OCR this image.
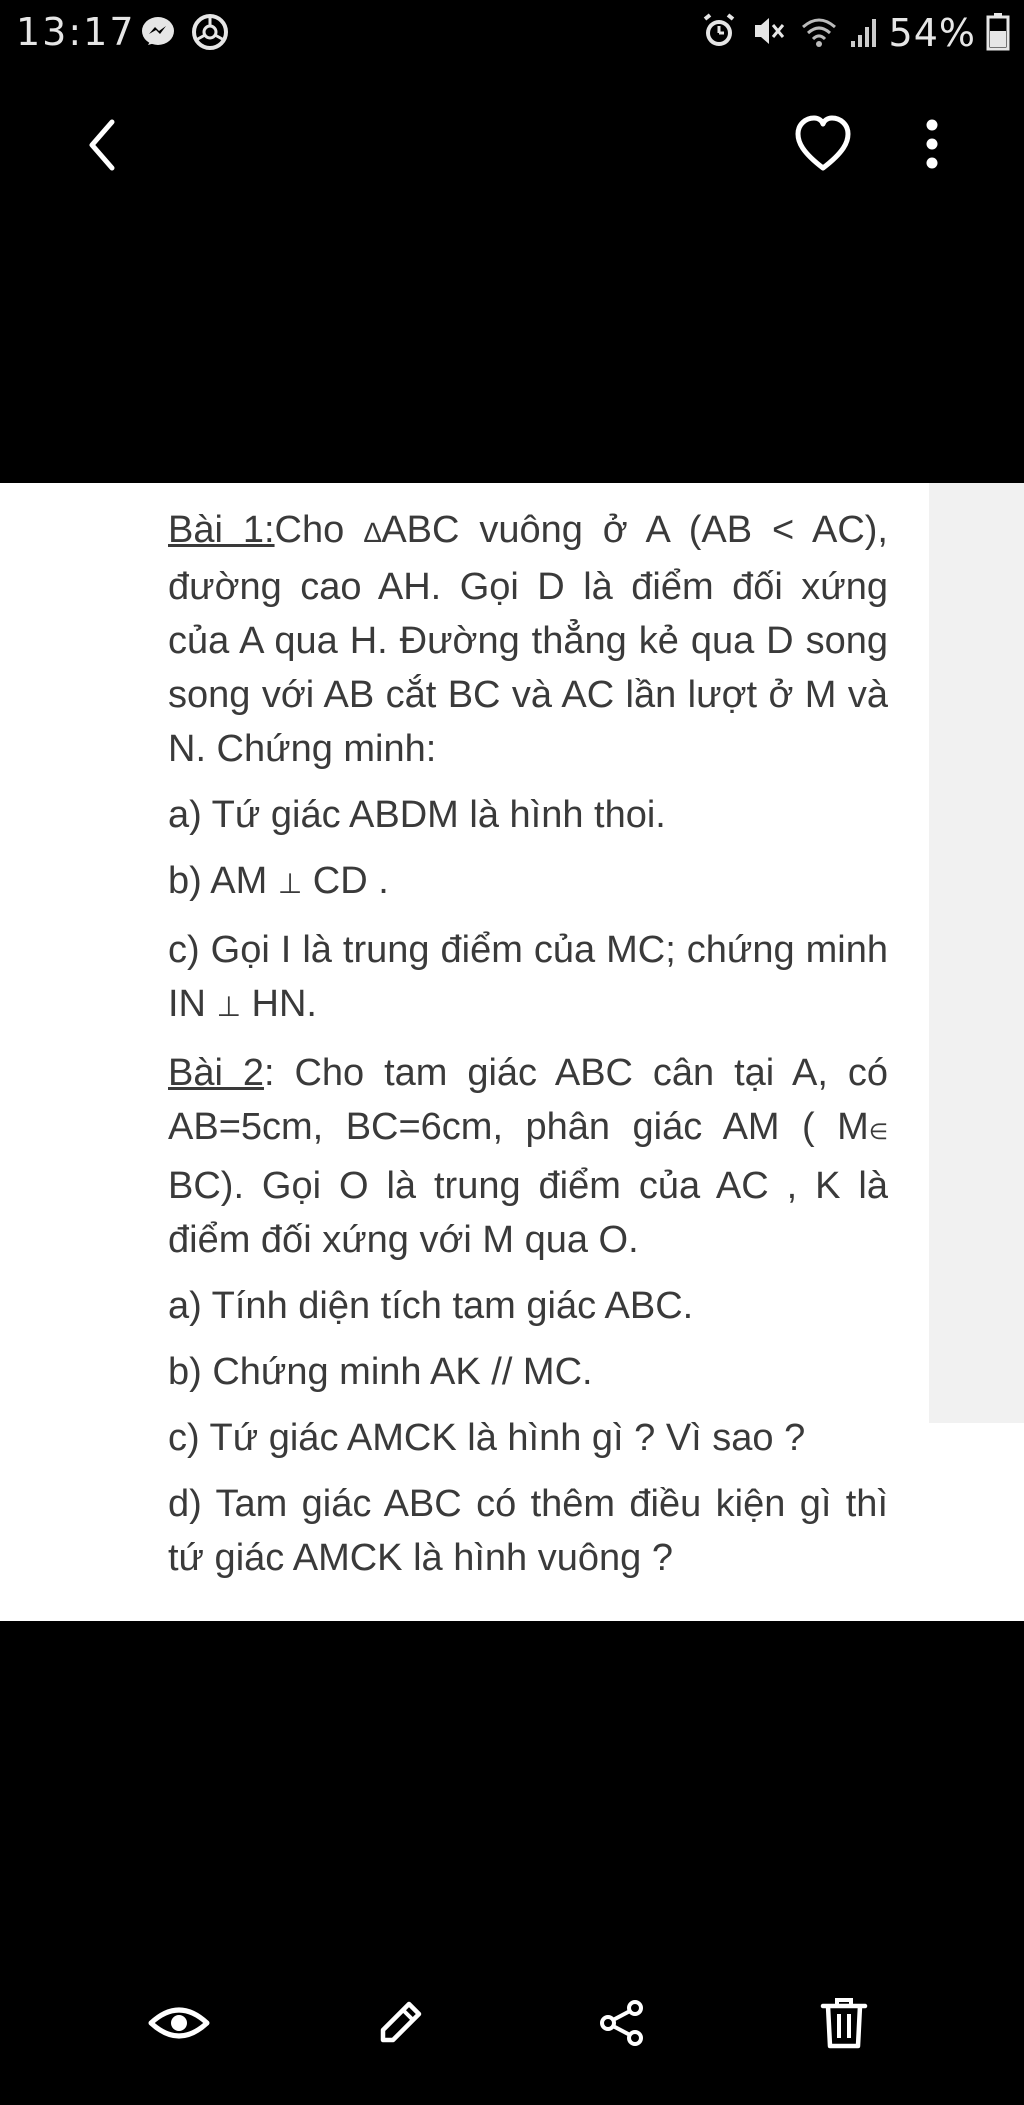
13:17	54%

Bài 1:Cho ∆ABC vuông ở A (AB < AC), đường cao AH. Gọi D là điểm đối xứng của A qua H. Đường thẳng kẻ qua D song song với AB cắt BC và AC lần lượt ở M và N. Chứng minh:

a) Tứ giác ABDM là hình thoi.

b) AM ⊥ CD .

c) Gọi I là trung điểm của MC; chứng minh IN ⊥ HN.

Bài 2: Cho tam giác ABC cân tại A, có AB=5cm, BC=6cm, phân giác AM ( M∈ BC). Gọi O là trung điểm của AC , K là điểm đối xứng với M qua O.

a) Tính diện tích tam giác ABC.

b) Chứng minh AK // MC.

c) Tứ giác AMCK là hình gì ? Vì sao ?

d) Tam giác ABC có thêm điều kiện gì thì tứ giác AMCK là hình vuông ?
